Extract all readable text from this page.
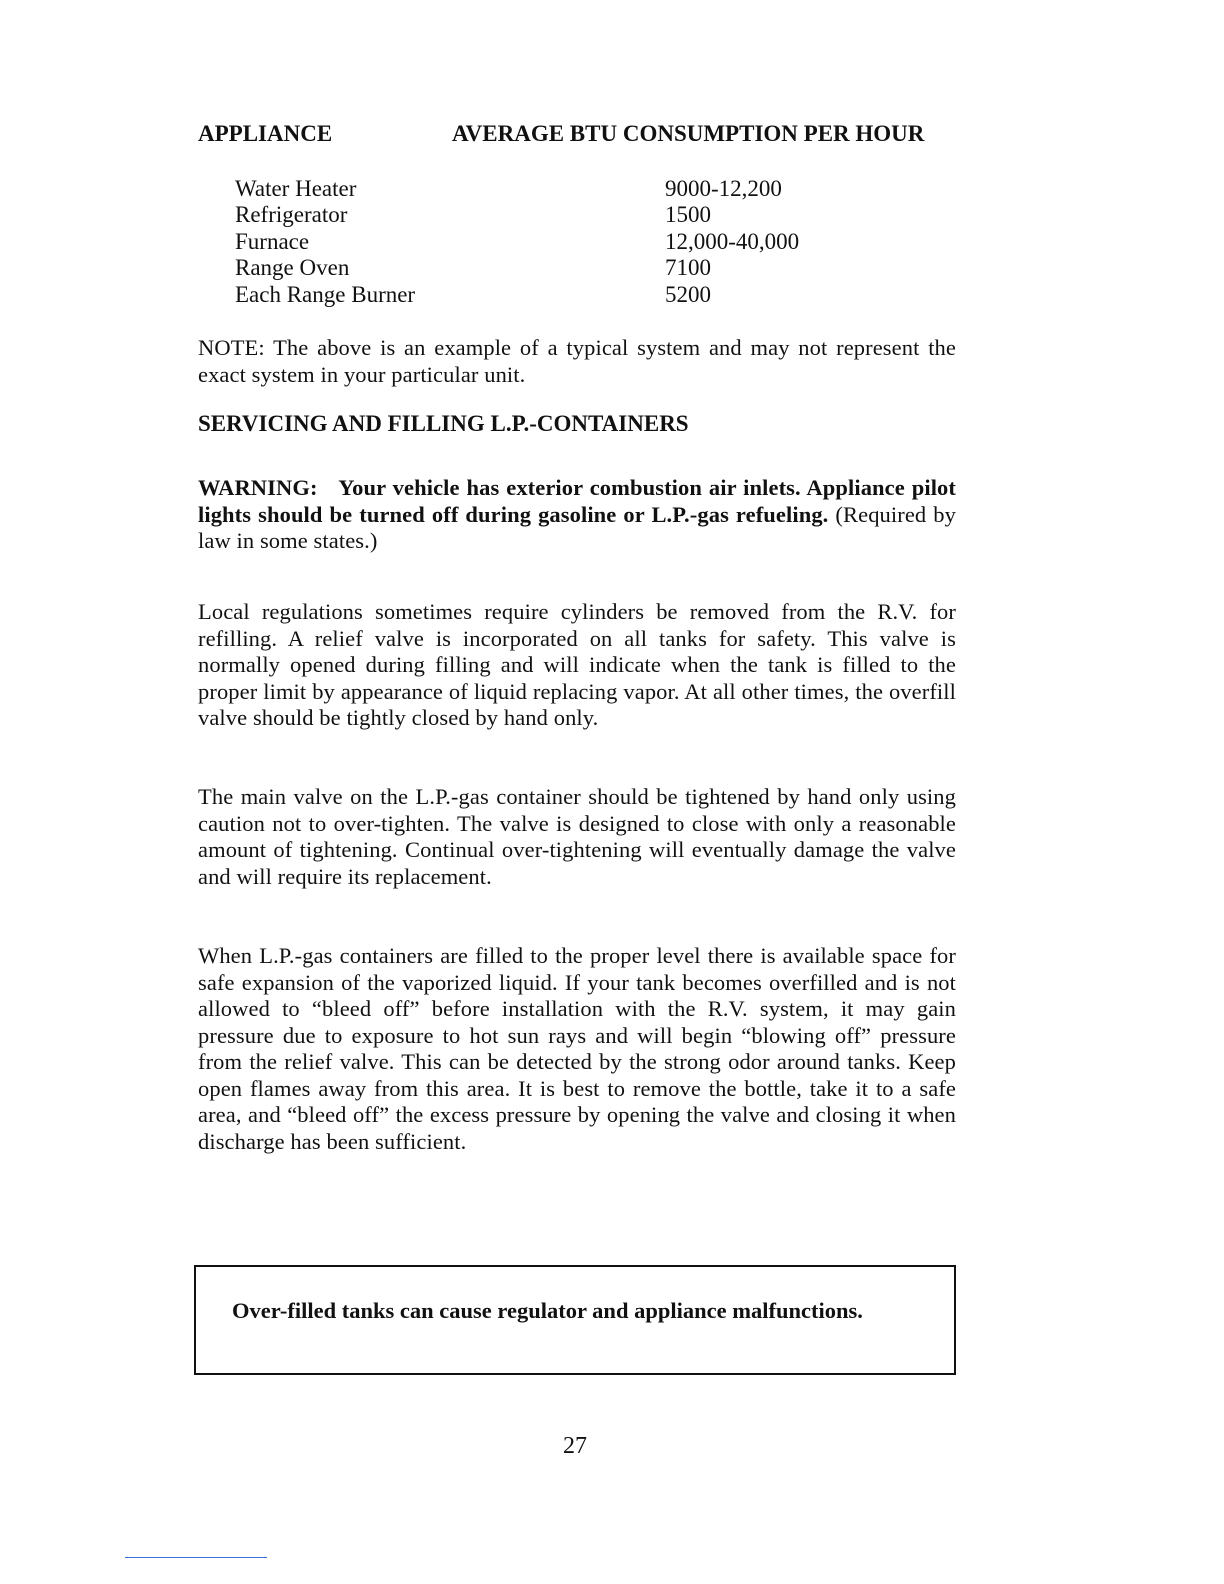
APPLIANCE	AVERAGE BTU CONSUMPTION PER HOUR
Water Heater	9000-12,200
Refrigerator	1500
Furnace	12,000-40,000
Range Oven	7100
Each Range Burner	5200
NOTE: The above is an example of a typical system and may not represent the exact system in your particular unit.
SERVICING AND FILLING L.P.-CONTAINERS
WARNING: Your vehicle has exterior combustion air inlets. Appliance pilot lights should be turned off during gasoline or L.P.-gas refueling. (Required by law in some states.)
Local regulations sometimes require cylinders be removed from the R.V. for refilling. A relief valve is incorporated on all tanks for safety. This valve is normally opened during filling and will indicate when the tank is filled to the proper limit by appearance of liquid replacing vapor. At all other times, the overfill valve should be tightly closed by hand only.
The main valve on the L.P.-gas container should be tightened by hand only using caution not to over-tighten. The valve is designed to close with only a reasonable amount of tightening. Continual over-tightening will eventually damage the valve and will require its replacement.
When L.P.-gas containers are filled to the proper level there is available space for safe expansion of the vaporized liquid. If your tank becomes overfilled and is not allowed to “bleed off” before installation with the R.V. system, it may gain pressure due to exposure to hot sun rays and will begin “blowing off” pressure from the relief valve. This can be detected by the strong odor around tanks. Keep open flames away from this area. It is best to remove the bottle, take it to a safe area, and “bleed off” the excess pressure by opening the valve and closing it when discharge has been sufficient.
Over-filled tanks can cause regulator and appliance malfunctions.
27
